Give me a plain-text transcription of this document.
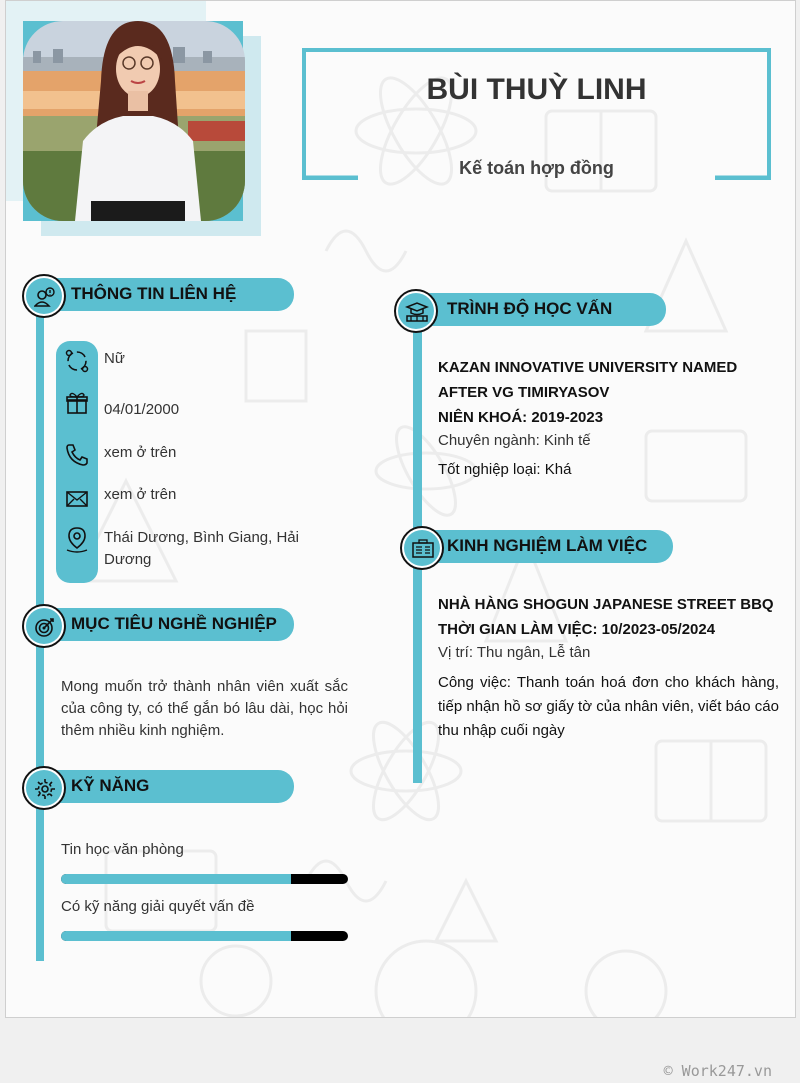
BÙI THUỲ LINH
Kế toán hợp đồng
THÔNG TIN LIÊN HỆ
Nữ
04/01/2000
xem ở trên
xem ở trên
Thái Dương, Bình Giang, Hải
Dương
MỤC TIÊU NGHỀ NGHIỆP
Mong muốn trở thành nhân viên xuất sắc của công ty, có thể gắn bó lâu dài, học hỏi thêm nhiều kinh nghiệm.
KỸ NĂNG
Tin học văn phòng
Có kỹ năng giải quyết vấn đề
TRÌNH ĐỘ HỌC VẤN
KAZAN INNOVATIVE UNIVERSITY NAMED
AFTER VG TIMIRYASOV
NIÊN KHOÁ: 2019-2023
Chuyên ngành: Kinh tế
Tốt nghiệp loại: Khá
KINH NGHIỆM LÀM VIỆC
NHÀ HÀNG SHOGUN JAPANESE STREET BBQ
THỜI GIAN LÀM VIỆC: 10/2023-05/2024
Vị trí: Thu ngân, Lễ tân
Công việc: Thanh toán hoá đơn cho khách hàng, tiếp nhận hồ sơ giấy tờ của nhân viên, viết báo cáo thu nhập cuối ngày
© Work247.vn
